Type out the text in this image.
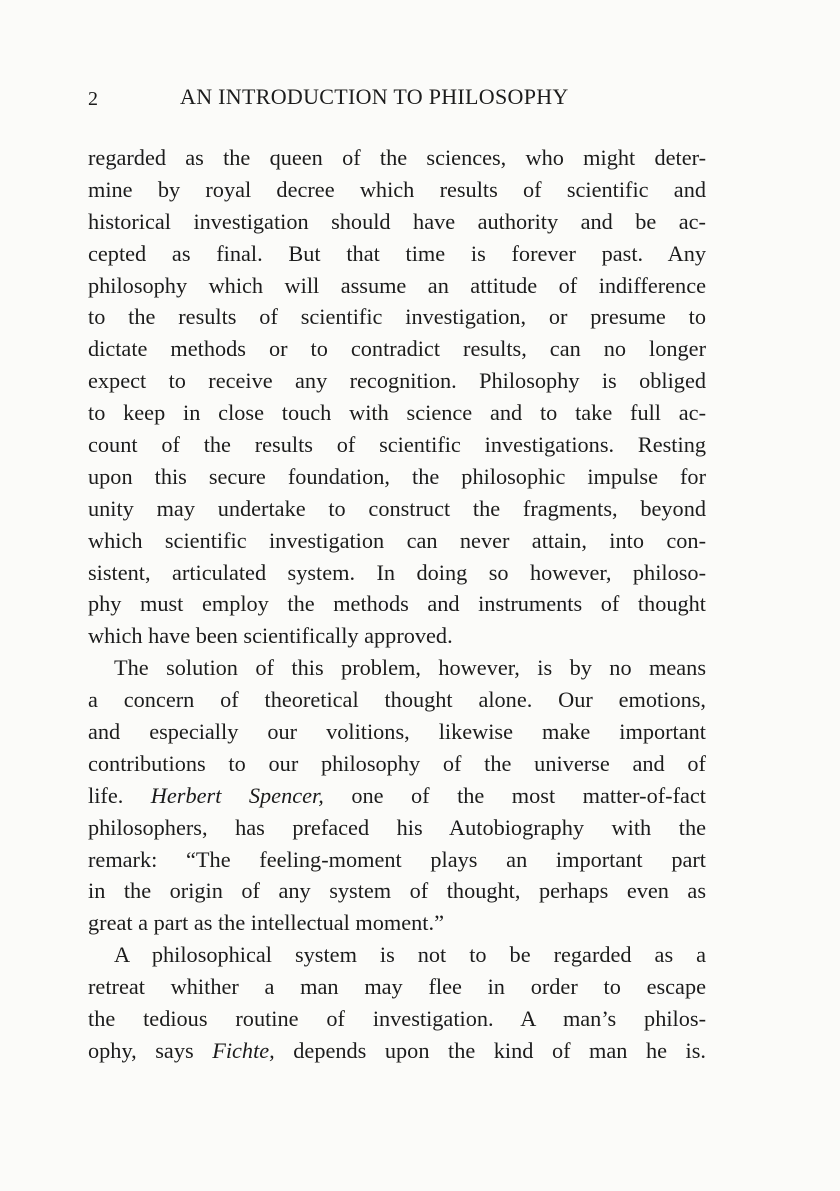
2	AN INTRODUCTION TO PHILOSOPHY
regarded as the queen of the sciences, who might deter-
mine by royal decree which results of scientific and
historical investigation should have authority and be ac-
cepted as final. But that time is forever past. Any
philosophy which will assume an attitude of indifference
to the results of scientific investigation, or presume to
dictate methods or to contradict results, can no longer
expect to receive any recognition. Philosophy is obliged
to keep in close touch with science and to take full ac-
count of the results of scientific investigations. Resting
upon this secure foundation, the philosophic impulse for
unity may undertake to construct the fragments, beyond
which scientific investigation can never attain, into con-
sistent, articulated system. In doing so however, philoso-
phy must employ the methods and instruments of thought
which have been scientifically approved.
The solution of this problem, however, is by no means
a concern of theoretical thought alone. Our emotions,
and especially our volitions, likewise make important
contributions to our philosophy of the universe and of
life. Herbert Spencer, one of the most matter-of-fact
philosophers, has prefaced his Autobiography with the
remark: “The feeling-moment plays an important part
in the origin of any system of thought, perhaps even as
great a part as the intellectual moment.”
A philosophical system is not to be regarded as a
retreat whither a man may flee in order to escape
the tedious routine of investigation. A man’s philos-
ophy, says Fichte, depends upon the kind of man he is.
